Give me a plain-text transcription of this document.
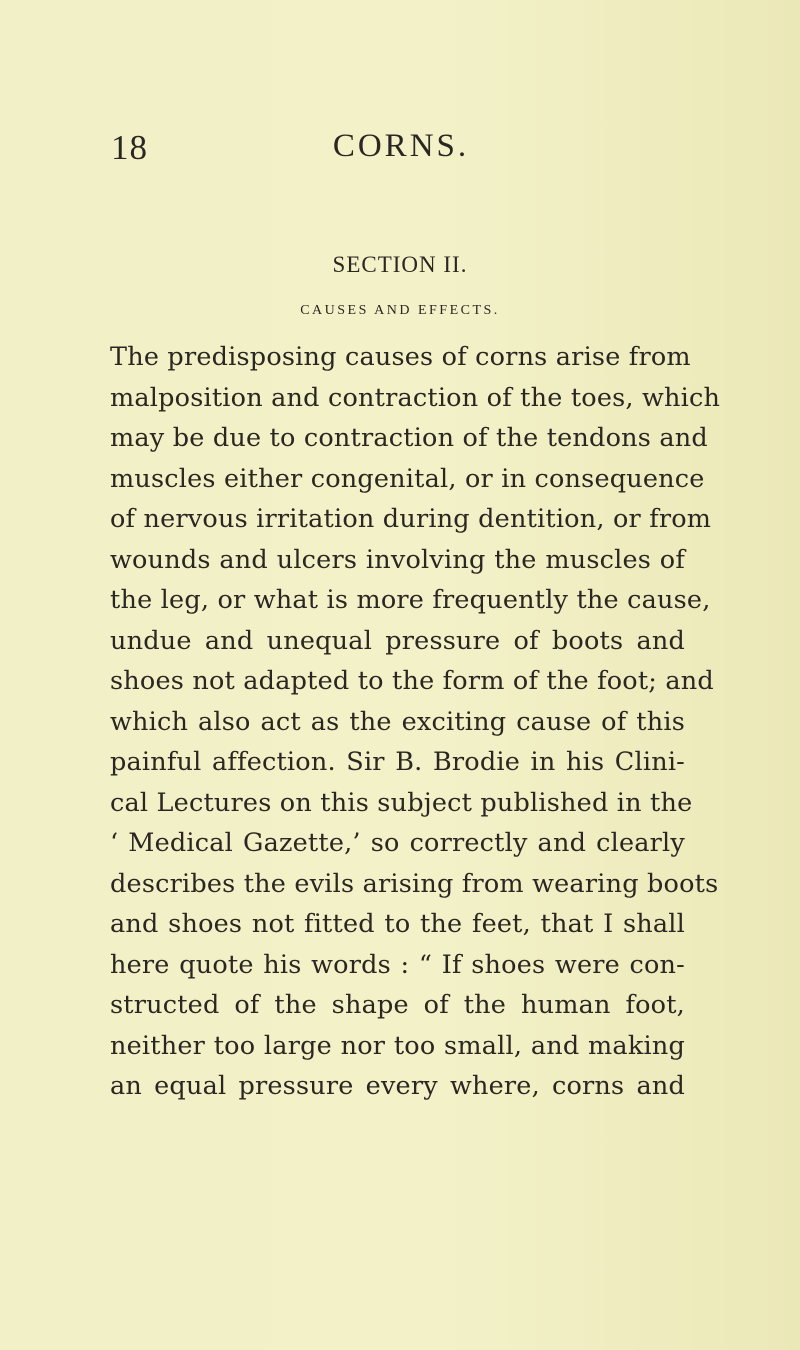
18	CORNS.
SECTION II.
CAUSES AND EFFECTS.
The predisposing causes of corns arise from
malposition and contraction of the toes, which
may be due to contraction of the tendons and
muscles either congenital, or in consequence
of nervous irritation during dentition, or from
wounds and ulcers involving the muscles of
the leg, or what is more frequently the cause,
undue and unequal pressure of boots and
shoes not adapted to the form of the foot; and
which also act as the exciting cause of this
painful affection. Sir B. Brodie in his Clini-
cal Lectures on this subject published in the
‘ Medical Gazette,’ so correctly and clearly
describes the evils arising from wearing boots
and shoes not fitted to the feet, that I shall
here quote his words : “ If shoes were con-
structed of the shape of the human foot,
neither too large nor too small, and making
an equal pressure every where, corns and
